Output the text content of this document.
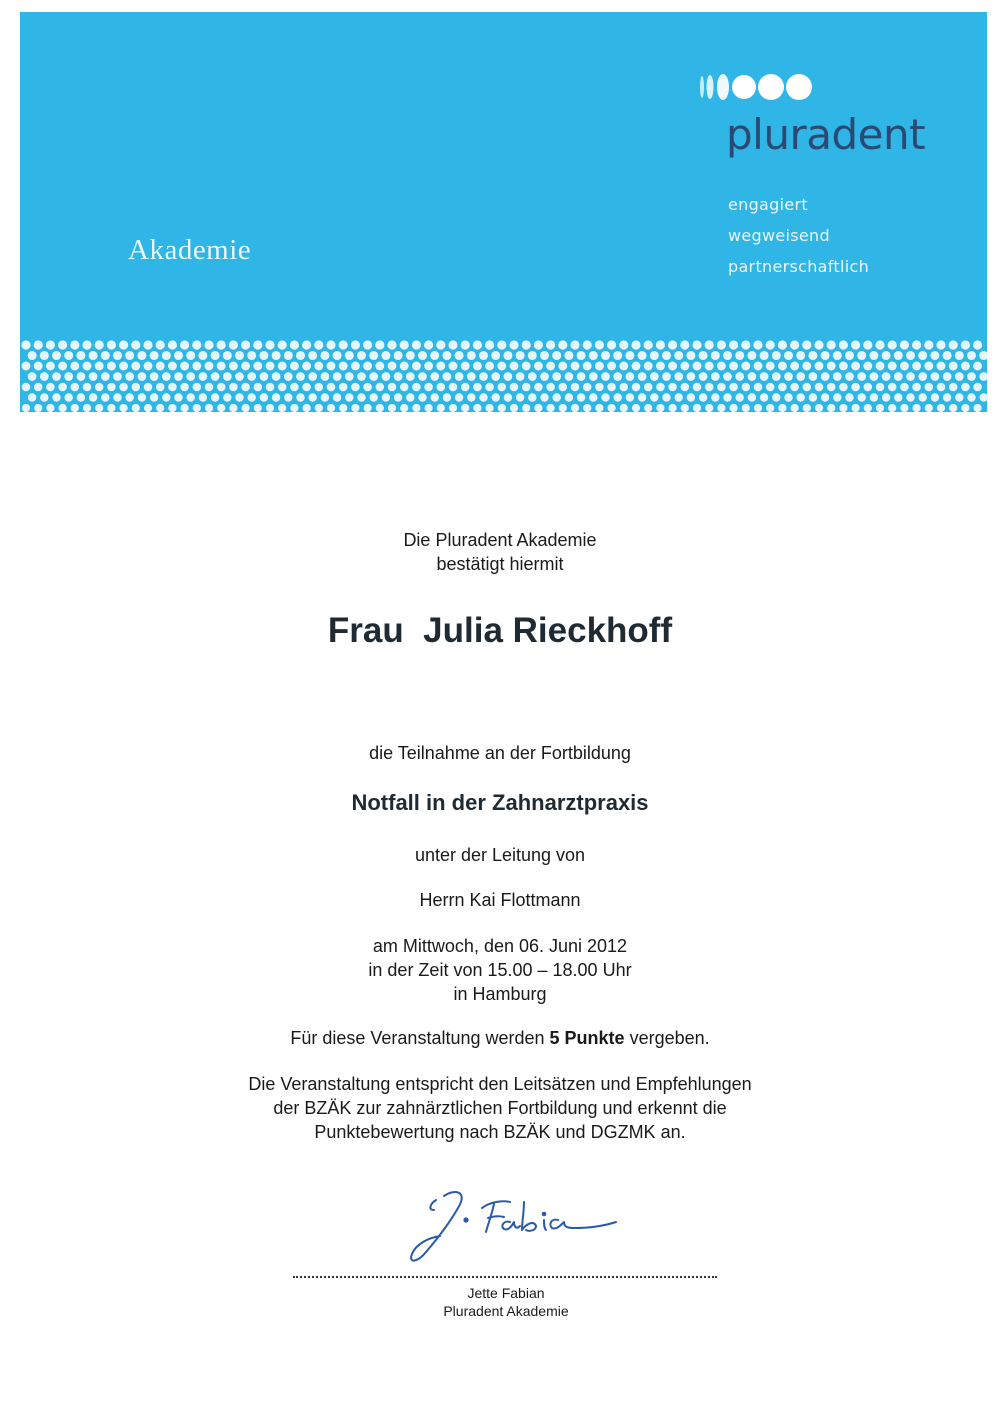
Akademie
pluradent
engagiert
wegweisend
partnerschaftlich
Die Pluradent Akademie
bestätigt hiermit
Frau  Julia Rieckhoff
die Teilnahme an der Fortbildung
Notfall in der Zahnarztpraxis
unter der Leitung von
Herrn Kai Flottmann
am Mittwoch, den 06. Juni 2012
in der Zeit von 15.00 – 18.00 Uhr
in Hamburg
Für diese Veranstaltung werden 5 Punkte vergeben.
Die Veranstaltung entspricht den Leitsätzen und Empfehlungen
der BZÄK zur zahnärztlichen Fortbildung und erkennt die
Punktebewertung nach BZÄK und DGZMK an.
Jette Fabian
Pluradent Akademie
